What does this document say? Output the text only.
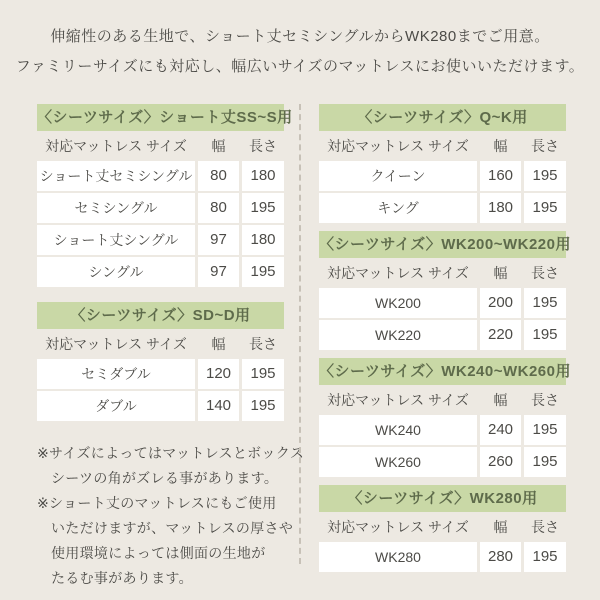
伸縮性のある生地で、ショート丈セミシングルからWK280までご用意。
ファミリーサイズにも対応し、幅広いサイズのマットレスにお使いいただけます。
〈シーツサイズ〉ショート丈SS~S用
対応マットレス サイズ	幅	長さ
ショート丈セミシングル	80	180
セミシングル	80	195
ショート丈シングル	97	180
シングル	97	195
〈シーツサイズ〉SD~D用
対応マットレス サイズ	幅	長さ
セミダブル	120	195
ダブル	140	195

※サイズによってはマットレスとボックス
シーツの角がズレる事があります。

※ショート丈のマットレスにもご使用
いただけますが、マットレスの厚さや
使用環境によっては側面の生地が
たるむ事があります。

〈シーツサイズ〉Q~K用
対応マットレス サイズ	幅	長さ
クイーン	160	195
キング	180	195
〈シーツサイズ〉WK200~WK220用
対応マットレス サイズ	幅	長さ
WK200	200	195
WK220	220	195
〈シーツサイズ〉WK240~WK260用
対応マットレス サイズ	幅	長さ
WK240	240	195
WK260	260	195
〈シーツサイズ〉WK280用
対応マットレス サイズ	幅	長さ
WK280	280	195
